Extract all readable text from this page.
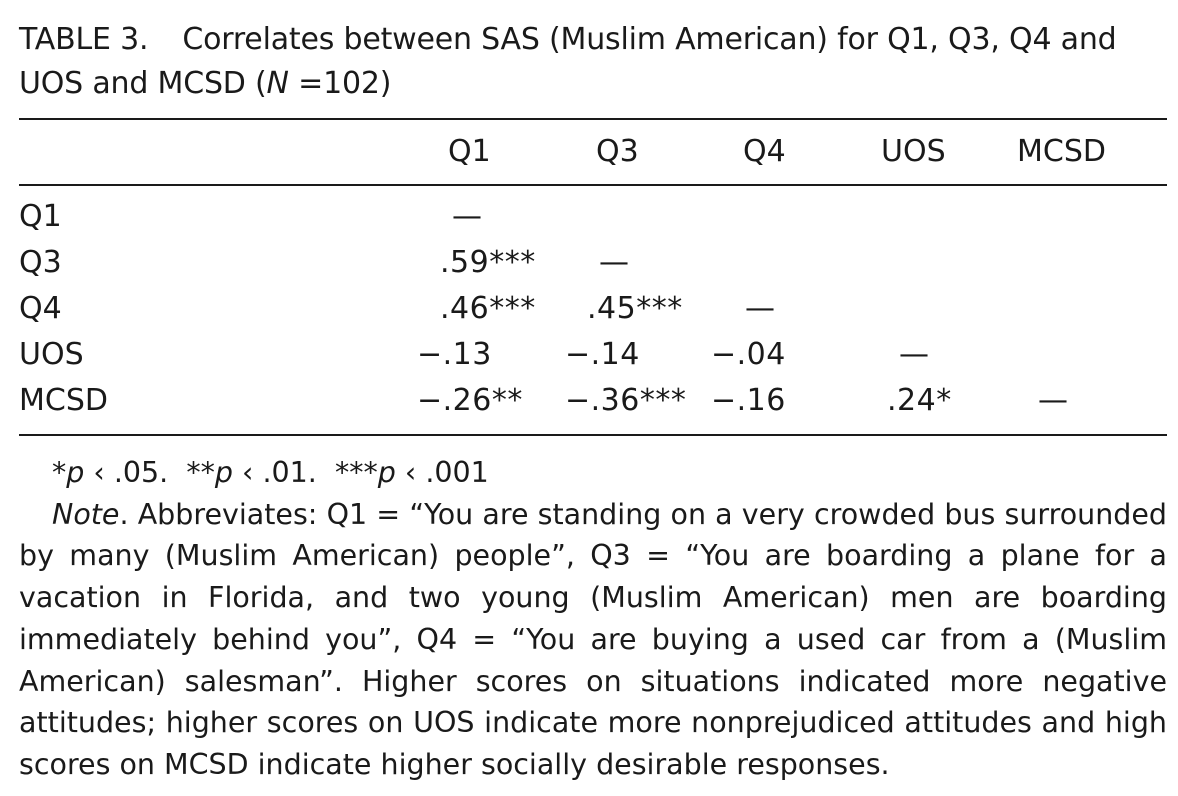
TABLE 3. Correlates between SAS (Muslim American) for Q1, Q3, Q4 and UOS and MCSD (N =102)
Q1	Q3	Q4	UOS MCSD
Q1	—
Q3	.59*** —
Q4	.46*** .45*** —
UOS	−.13 −.14 −.04	—
MCSD	−.26** −.36*** −.16	.24*	—
*p ‹ .05. **p ‹ .01. ***p ‹ .001
Note. Abbreviates: Q1 = “You are standing on a very crowded bus surrounded by many (Muslim American) people”, Q3 = “You are boarding a plane for a vacation in Florida, and two young (Muslim American) men are boarding immediately behind you”, Q4 = “You are buying a used car from a (Muslim American) salesman”. Higher scores on situations indicated more negative attitudes; higher scores on UOS indicate more nonprejudiced attitudes and high scores on MCSD indicate higher socially desirable responses.
